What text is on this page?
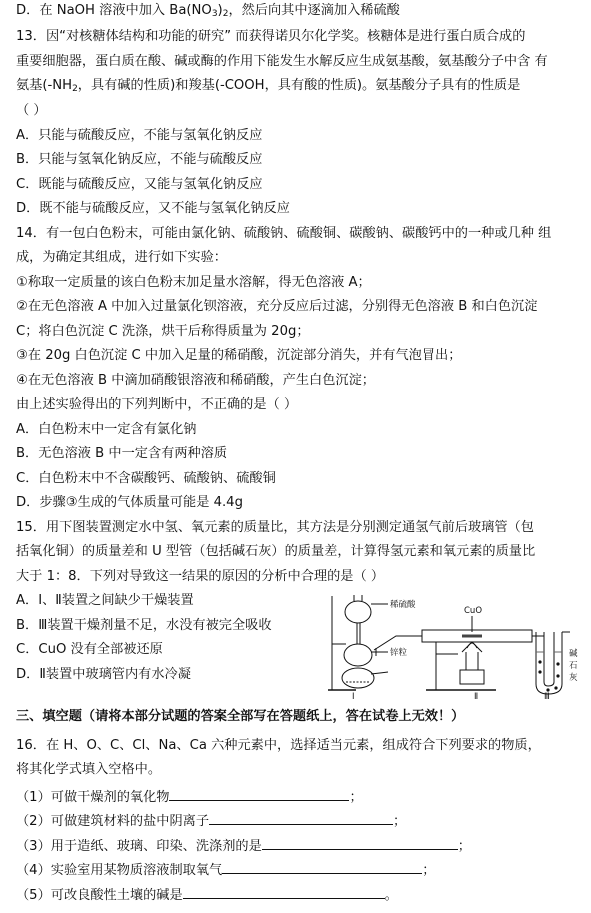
D．在 NaOH 溶液中加入 $Ba(NO_3)_2$，然后向其中逐滴加入稀硫酸
13．因“对核糖体结构和功能的研究” 而获得诺贝尔化学奖。核糖体是进行蛋白质合成的
重要细胞器，蛋白质在酸、碱或酶的作用下能发生水解反应生成氨基酸，氨基酸分子中含 有
氨基($-NH_2$，具有碱的性质)和羧基(-COOH，具有酸的性质)。氨基酸分子具有的性质是
（ ）
A．只能与硫酸反应，不能与氢氧化钠反应
B．只能与氢氧化钠反应，不能与硫酸反应
C．既能与硫酸反应，又能与氢氧化钠反应
D．既不能与硫酸反应，又不能与氢氧化钠反应
14．有一包白色粉末，可能由氯化钠、硫酸钠、硫酸铜、碳酸钠、碳酸钙中的一种或几种 组
成，为确定其组成，进行如下实验：
①称取一定质量的该白色粉末加足量水溶解，得无色溶液 A；
②在无色溶液 A 中加入过量氯化钡溶液，充分反应后过滤，分别得无色溶液 B 和白色沉淀
C；将白色沉淀 C 洗涤，烘干后称得质量为 20g；
③在 20g 白色沉淀 C 中加入足量的稀硝酸，沉淀部分消失，并有气泡冒出；
④在无色溶液 B 中滴加硝酸银溶液和稀硝酸，产生白色沉淀；
由上述实验得出的下列判断中，不正确的是（ ）
A．白色粉末中一定含有氯化钠
B．无色溶液 B 中一定含有两种溶质
C．白色粉末中不含碳酸钙、硫酸钠、硫酸铜
D．步骤③生成的气体质量可能是 4.4g
15．用下图装置测定水中氢、氧元素的质量比，其方法是分别测定通氢气前后玻璃管（包
括氧化铜）的质量差和 U 型管（包括碱石灰）的质量差，计算得氢元素和氧元素的质量比
大于 1：8．下列对导致这一结果的原因的分析中合理的是（ ）
A．Ⅰ、Ⅱ装置之间缺少干燥装置
B．Ⅲ装置干燥剂量不足，水没有被完全吸收
C．CuO 没有全部被还原
D．Ⅱ装置中玻璃管内有水冷凝
稀硫酸
锌粒
CuO
碱
石
灰
Ⅰ	Ⅱ	Ⅲ
三、填空题（请将本部分试题的答案全部写在答题纸上，答在试卷上无效！）
16．在 H、O、C、Cl、Na、Ca 六种元素中，选择适当元素，组成符合下列要求的物质，
将其化学式填入空格中。
（1）可做干燥剂的氧化物	；
（2）可做建筑材料的盐中阴离子	；
（3）用于造纸、玻璃、印染、洗涤剂的是	；
（4）实验室用某物质溶液制取氧气	；
（5）可改良酸性土壤的碱是	。
